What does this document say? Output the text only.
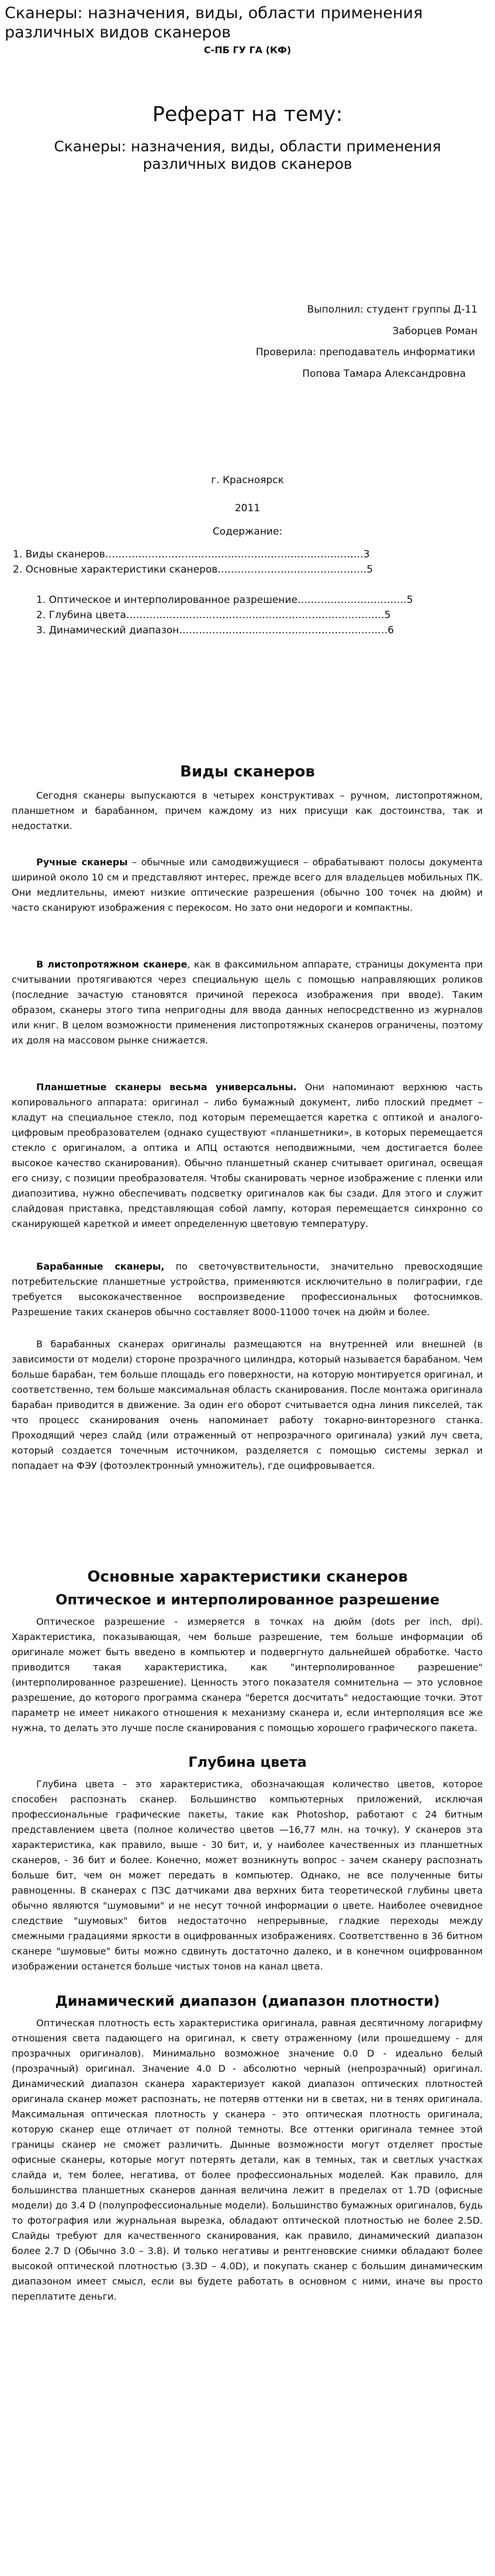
Сканеры: назначения, виды, области применения различных видов сканеров
С-ПБ ГУ ГА (КФ)
Реферат на тему:
Сканеры: назначения, виды, области применения
различных видов сканеров
Выполнил: студент группы Д-11
Заборцев Роман
Проверила: преподаватель информатики
Попова Тамара Александровна
г. Красноярск
2011
Содержание:
1. Виды сканеров……………………………………………………………………3
2. Основные характеристики сканеров………………………………………5
1. Оптическое и интерполированное разрешение……………………………5
2. Глубина цвета……………………………………………………………………5
3. Динамический диапазон………………………………………………………6
Виды сканеров

Сегодня сканеры выпускаются в четырех конструктивах – ручном, листопротяжном, планшетном и барабанном, причем каждому из них присущи как достоинства, так и недостатки.

Ручные сканеры – обычные или самодвижущиеся – обрабатывают полосы документа шириной около 10 см и представляют интерес, прежде всего для владельцев мобильных ПК. Они медлительны, имеют низкие оптические разрешения (обычно 100 точек на дюйм) и часто сканируют изображения с перекосом. Но зато они недороги и компактны.

В листопротяжном сканере, как в факсимильном аппарате, страницы документа при считывании протягиваются через специальную щель с помощью направляющих роликов (последние зачастую становятся причиной перекоса изображения при вводе). Таким образом, сканеры этого типа непригодны для ввода данных непосредственно из журналов или книг. В целом возможности применения листопротяжных сканеров ограничены, поэтому их доля на массовом рынке снижается.

Планшетные сканеры весьма универсальны. Они напоминают верхнюю часть копировального аппарата: оригинал – либо бумажный документ, либо плоский предмет – кладут на специальное стекло, под которым перемещается каретка с оптикой и аналого-цифровым преобразователем (однако существуют «планшетники», в которых перемещается стекло с оригиналом, а оптика и АПЦ остаются неподвижными, чем достигается более высокое качество сканирования). Обычно планшетный сканер считывает оригинал, освещая его снизу, с позиции преобразователя. Чтобы сканировать черное изображение с пленки или диапозитива, нужно обеспечивать подсветку оригиналов как бы сзади. Для этого и служит слайдовая приставка, представляющая собой лампу, которая перемещается синхронно со сканирующей кареткой и имеет определенную цветовую температуру.

Барабанные сканеры, по светочувствительности, значительно превосходящие потребительские планшетные устройства, применяются исключительно в полиграфии, где требуется высококачественное воспроизведение профессиональных фотоснимков. Разрешение таких сканеров обычно составляет 8000-11000 точек на дюйм и более.

В барабанных сканерах оригиналы размещаются на внутренней или внешней (в зависимости от модели) стороне прозрачного цилиндра, который называется барабаном. Чем больше барабан, тем больше площадь его поверхности, на которую монтируется оригинал, и соответственно, тем больше максимальная область сканирования. После монтажа оригинала барабан приводится в движение. За один его оборот считывается одна линия пикселей, так что процесс сканирования очень напоминает работу токарно-винторезного станка. Проходящий через слайд (или отраженный от непрозрачного оригинала) узкий луч света, который создается точечным источником, разделяется с помощью системы зеркал и попадает на ФЭУ (фотоэлектронный умножитель), где оцифровывается.

Основные характеристики сканеров
Оптическое и интерполированное разрешение

Оптическое разрешение - измеряется в точках на дюйм (dots per inch, dpi). Характеристика, показывающая, чем больше разрешение, тем больше информации об оригинале может быть введено в компьютер и подвергнуто дальнейшей обработке. Часто приводится такая характеристика, как "интерполированное разрешение"(интерполированное разрешение). Ценность этого показателя сомнительна — это условное разрешение, до которого программа сканера "берется досчитать" недостающие точки. Этот параметр не имеет никакого отношения к механизму сканера и, если интерполяция все же нужна, то делать это лучше после сканирования с помощью хорошего графического пакета.

Глубина цвета

Глубина цвета – это характеристика, обозначающая количество цветов, которое способен распознать сканер. Большинство компьютерных приложений, исключая профессиональные графические пакеты, такие как Photoshop, работают с 24 битным представлением цвета (полное количество цветов —16,77 млн. на точку). У сканеров эта характеристика, как правило, выше - 30 бит, и, у наиболее качественных из планшетных сканеров, - 36 бит и более. Конечно, может возникнуть вопрос - зачем сканеру распознать больше бит, чем он может передать в компьютер. Однако, не все полученные биты равноценны. В сканерах с ПЗС датчиками два верхних бита теоретической глубины цвета обычно являются "шумовыми" и не несут точной информации о цвете. Наиболее очевидное следствие "шумовых" битов недостаточно непрерывные, гладкие переходы между смежными градациями яркости в оцифрованных изображениях. Соответственно в 36 битном сканере "шумовые" биты можно сдвинуть достаточно далеко, и в конечном оцифрованном изображении останется больше чистых тонов на канал цвета.

Динамический диапазон (диапазон плотности)

Оптическая плотность есть характеристика оригинала, равная десятичному логарифму отношения света падающего на оригинал, к свету отраженному (или прошедшему - для прозрачных оригиналов). Минимально возможное значение 0.0 D - идеально белый (прозрачный) оригинал. Значение 4.0 D - абсолютно черный (непрозрачный) оригинал. Динамический диапазон сканера характеризует какой диапазон оптических плотностей оригинала сканер может распознать, не потеряв оттенки ни в светах, ни в тенях оригинала. Максимальная оптическая плотность у сканера - это оптическая плотность оригинала, которую сканер еще отличает от полной темноты. Все оттенки оригинала темнее этой границы сканер не сможет различить. Дынные возможности могут отделяет простые офисные сканеры, которые могут потерять детали, как в темных, так и светлых участках слайда и, тем более, негатива, от более профессиональных моделей. Как правило, для большинства планшетных сканеров данная величина лежит в пределах от 1.7D (офисные модели) до 3.4 D (полупрофессиональные модели). Большинство бумажных оригиналов, будь то фотография или журнальная вырезка, обладают оптической плотностью не более 2.5D. Слайды требуют для качественного сканирования, как правило, динамический диапазон более 2.7 D (Обычно 3.0 – 3.8). И только негативы и рентгеновские снимки обладают более высокой оптической плотностью (3.3D – 4.0D), и покупать сканер с большим динамическим диапазоном имеет смысл, если вы будете работать в основном с ними, иначе вы просто переплатите деньги.
